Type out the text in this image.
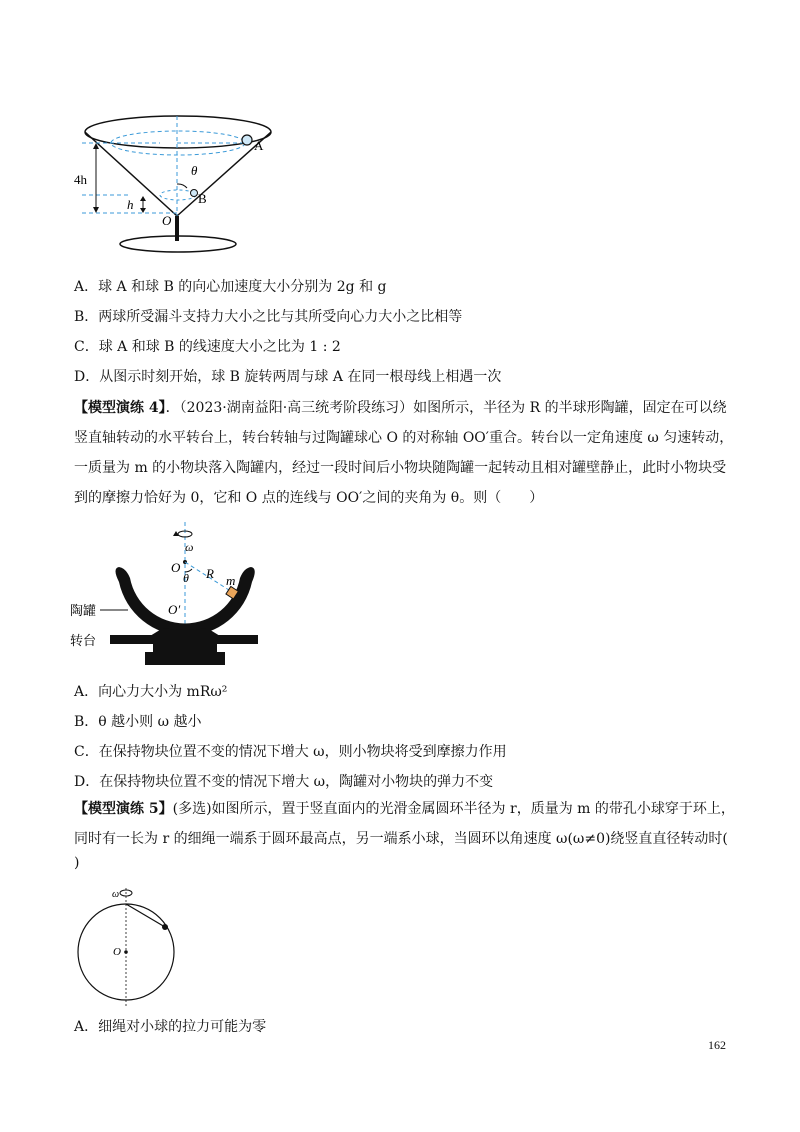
A
B
O
θ
4h
h
A．球 A 和球 B 的向心加速度大小分别为 2g 和 g
B．两球所受漏斗支持力大小之比与其所受向心力大小之比相等
C．球 A 和球 B 的线速度大小之比为 1 : 2
D．从图示时刻开始，球 B 旋转两周与球 A 在同一根母线上相遇一次
【模型演练 4】．（2023·湖南益阳·高三统考阶段练习）如图所示，半径为 R 的半球形陶罐，固定在可以绕
竖直轴转动的水平转台上，转台转轴与过陶罐球心 O 的对称轴 OO′重合。转台以一定角速度 ω 匀速转动，
一质量为 m 的小物块落入陶罐内，经过一段时间后小物块随陶罐一起转动且相对罐壁静止，此时小物块受
到的摩擦力恰好为 0，它和 O 点的连线与 OO′之间的夹角为 θ。则（　　）
ω
O
θ R m
O′
陶罐
转台
A．向心力大小为 mRω²
B．θ 越小则 ω 越小
C．在保持物块位置不变的情况下增大 ω，则小物块将受到摩擦力作用
D．在保持物块位置不变的情况下增大 ω，陶罐对小物块的弹力不变
【模型演练 5】(多选)如图所示，置于竖直面内的光滑金属圆环半径为 r，质量为 m 的带孔小球穿于环上，
同时有一长为 r 的细绳一端系于圆环最高点，另一端系小球，当圆环以角速度 ω(ω≠0)绕竖直直径转动时(
)
ω
O
A．细绳对小球的拉力可能为零
162
